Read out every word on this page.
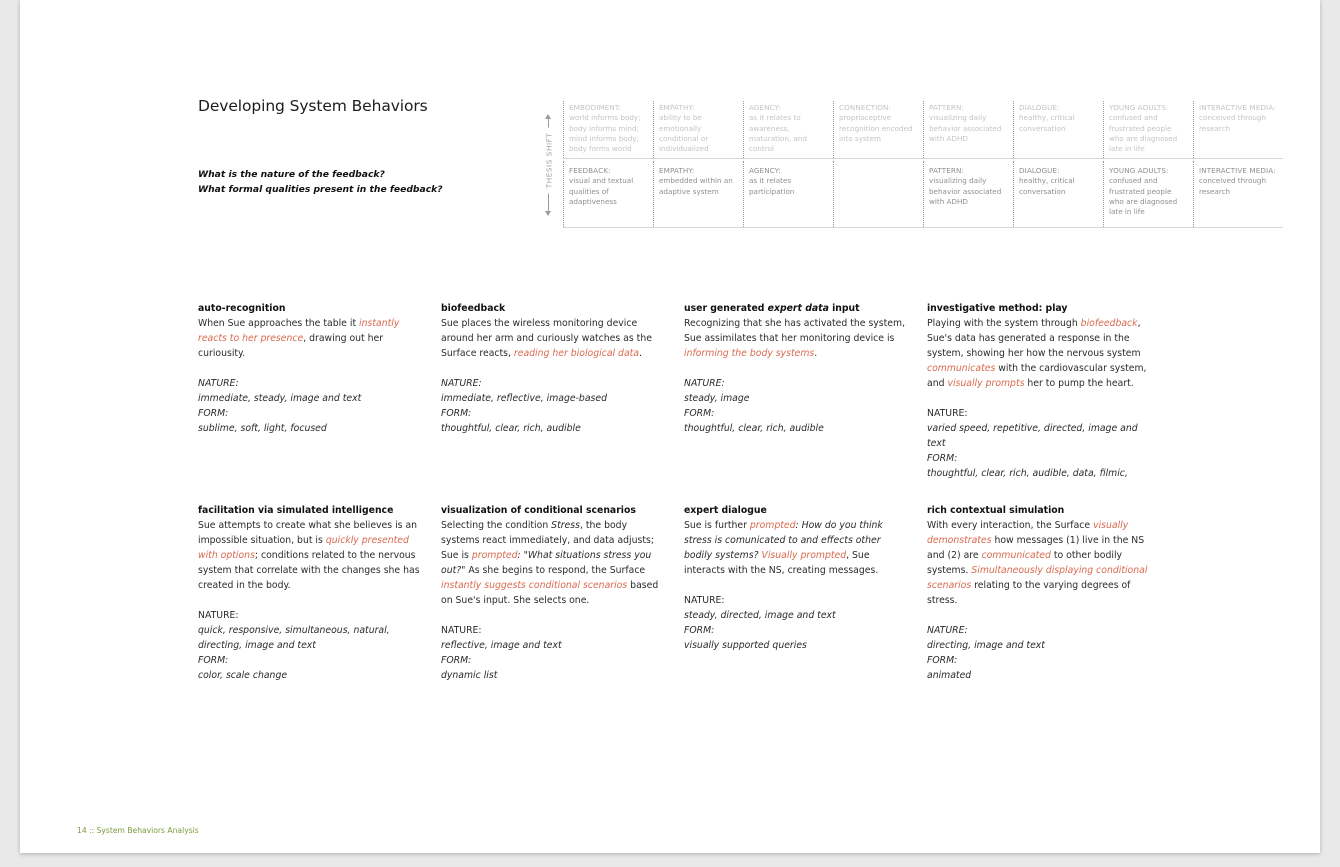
Developing System Behaviors
What is the nature of the feedback?
What formal qualities present in the feedback?
THESIS SHIFT
EMBODIMENT:
world informs body; body informs mind; mind informs body; body forms world
EMPATHY:
ability to be emotionally conditional or individualized
AGENCY:
as it relates to awareness, maturation, and control
CONNECTION:
proprioceptive recognition encoded into system
PATTERN:
visualizing daily behavior associated with ADHD
DIALOGUE:
healthy, critical conversation
YOUNG ADULTS:
confused and frustrated people who are diagnosed late in life
INTERACTIVE MEDIA:
conceived through research
FEEDBACK:
visual and textual qualities of adaptiveness
EMPATHY:
embedded within an adaptive system
AGENCY:
as it relates participation
PATTERN:
visualizing daily behavior associated with ADHD
DIALOGUE:
healthy, critical conversation
YOUNG ADULTS:
confused and frustrated people who are diagnosed late in life
INTERACTIVE MEDIA:
conceived through research
auto-recognition

When Sue approaches the table it instantly reacts to her presence, drawing out her curiousity.

NATURE:
immediate, steady, image and text
FORM:
sublime, soft, light, focused
biofeedback

Sue places the wireless monitoring device around her arm and curiously watches as the Surface reacts, reading her biological data.

NATURE:
immediate, reflective, image-based
FORM:
thoughtful, clear, rich, audible
user generated expert data input

Recognizing that she has activated the system, Sue assimilates that her monitoring device is informing the body systems.

NATURE:
steady, image
FORM:
thoughtful, clear, rich, audible
investigative method: play

Playing with the system through biofeedback, Sue's data has generated a response in the system, showing her how the nervous system communicates with the cardiovascular system, and visually prompts her to pump the heart.

NATURE:
varied speed, repetitive, directed, image and text
FORM:
thoughtful, clear, rich, audible, data, filmic,
facilitation via simulated intelligence

Sue attempts to create what she believes is an impossible situation, but is quickly presented with options; conditions related to the nervous system that correlate with the changes she has created in the body.

NATURE:
quick, responsive, simultaneous, natural, directing, image and text
FORM:
color, scale change
visualization of conditional scenarios

Selecting the condition Stress, the body systems react immediately, and data adjusts; Sue is prompted: "What situations stress you out?" As she begins to respond, the Surface instantly suggests conditional scenarios based on Sue's input. She selects one.

NATURE:
reflective, image and text
FORM:
dynamic list
expert dialogue

Sue is further prompted: How do you think stress is comunicated to and effects other bodily systems? Visually prompted, Sue interacts with the NS, creating messages.

NATURE:
steady, directed, image and text
FORM:
visually supported queries
rich contextual simulation

With every interaction, the Surface visually demonstrates how messages (1) live in the NS and (2) are communicated to other bodily systems. Simultaneously displaying conditional scenarios relating to the varying degrees of stress.

NATURE:
directing, image and text
FORM:
animated
14 :: System Behaviors Analysis
